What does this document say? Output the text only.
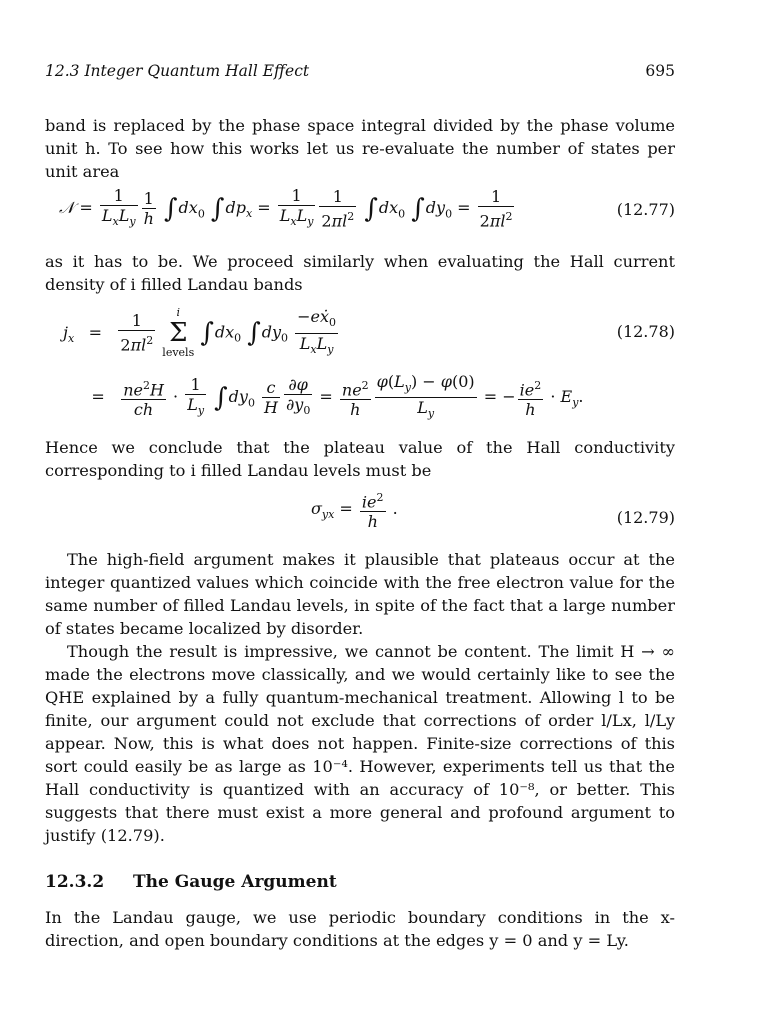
12.3 Integer Quantum Hall Effect	695

band is replaced by the phase space integral divided by the phase volume unit h. To see how this works let us re-evaluate the number of states per unit area

𝒩 = $\frac{1}{L_xL_y} \frac{1}{h} \int dx_0$ $\int dp_x = \frac{1}{L_xL_y} \frac{1}{2\pi l^2} \int dx_0$ $\int dy_0 = \frac{1}{2\pi l^2}$	(12.77)

as it has to be. We proceed similarly when evaluating the Hall current density of i filled Landau bands

$j_x = \frac{1}{2\pi l^2}$
	i
Σ
levels
$\int dx_0$ $\int dy_0 \frac{-eẋ_0}{L_xL_y}$	(12.78)
= $\frac{ne^2H}{ch} \cdot \frac{1}{L_y} \int dy_0 \frac{c}{H} \frac{\partial\varphi}{\partial y_0} = \frac{ne^2}{h} \frac{\varphi(L_y) - \varphi(0)}{L_y}$ = − $\frac{ie^2}{h} \cdot E_y$.

Hence we conclude that the plateau value of the Hall conductivity corresponding to i filled Landau levels must be

$\sigma_{yx} = \frac{ie^2}{h}$ .	(12.79)

The high-field argument makes it plausible that plateaus occur at the integer quantized values which coincide with the free electron value for the same number of filled Landau levels, in spite of the fact that a large number of states became localized by disorder.

Though the result is impressive, we cannot be content. The limit H → ∞ made the electrons move classically, and we would certainly like to see the QHE explained by a fully quantum-mechanical treatment. Allowing l to be finite, our argument could not exclude that corrections of order l/Lx, l/Ly appear. Now, this is what does not happen. Finite-size corrections of this sort could easily be as large as 10⁻⁴. However, experiments tell us that the Hall conductivity is quantized with an accuracy of 10⁻⁸, or better. This suggests that there must exist a more general and profound argument to justify (12.79).

12.3.2 The Gauge Argument

In the Landau gauge, we use periodic boundary conditions in the x-direction, and open boundary conditions at the edges y = 0 and y = Ly.
